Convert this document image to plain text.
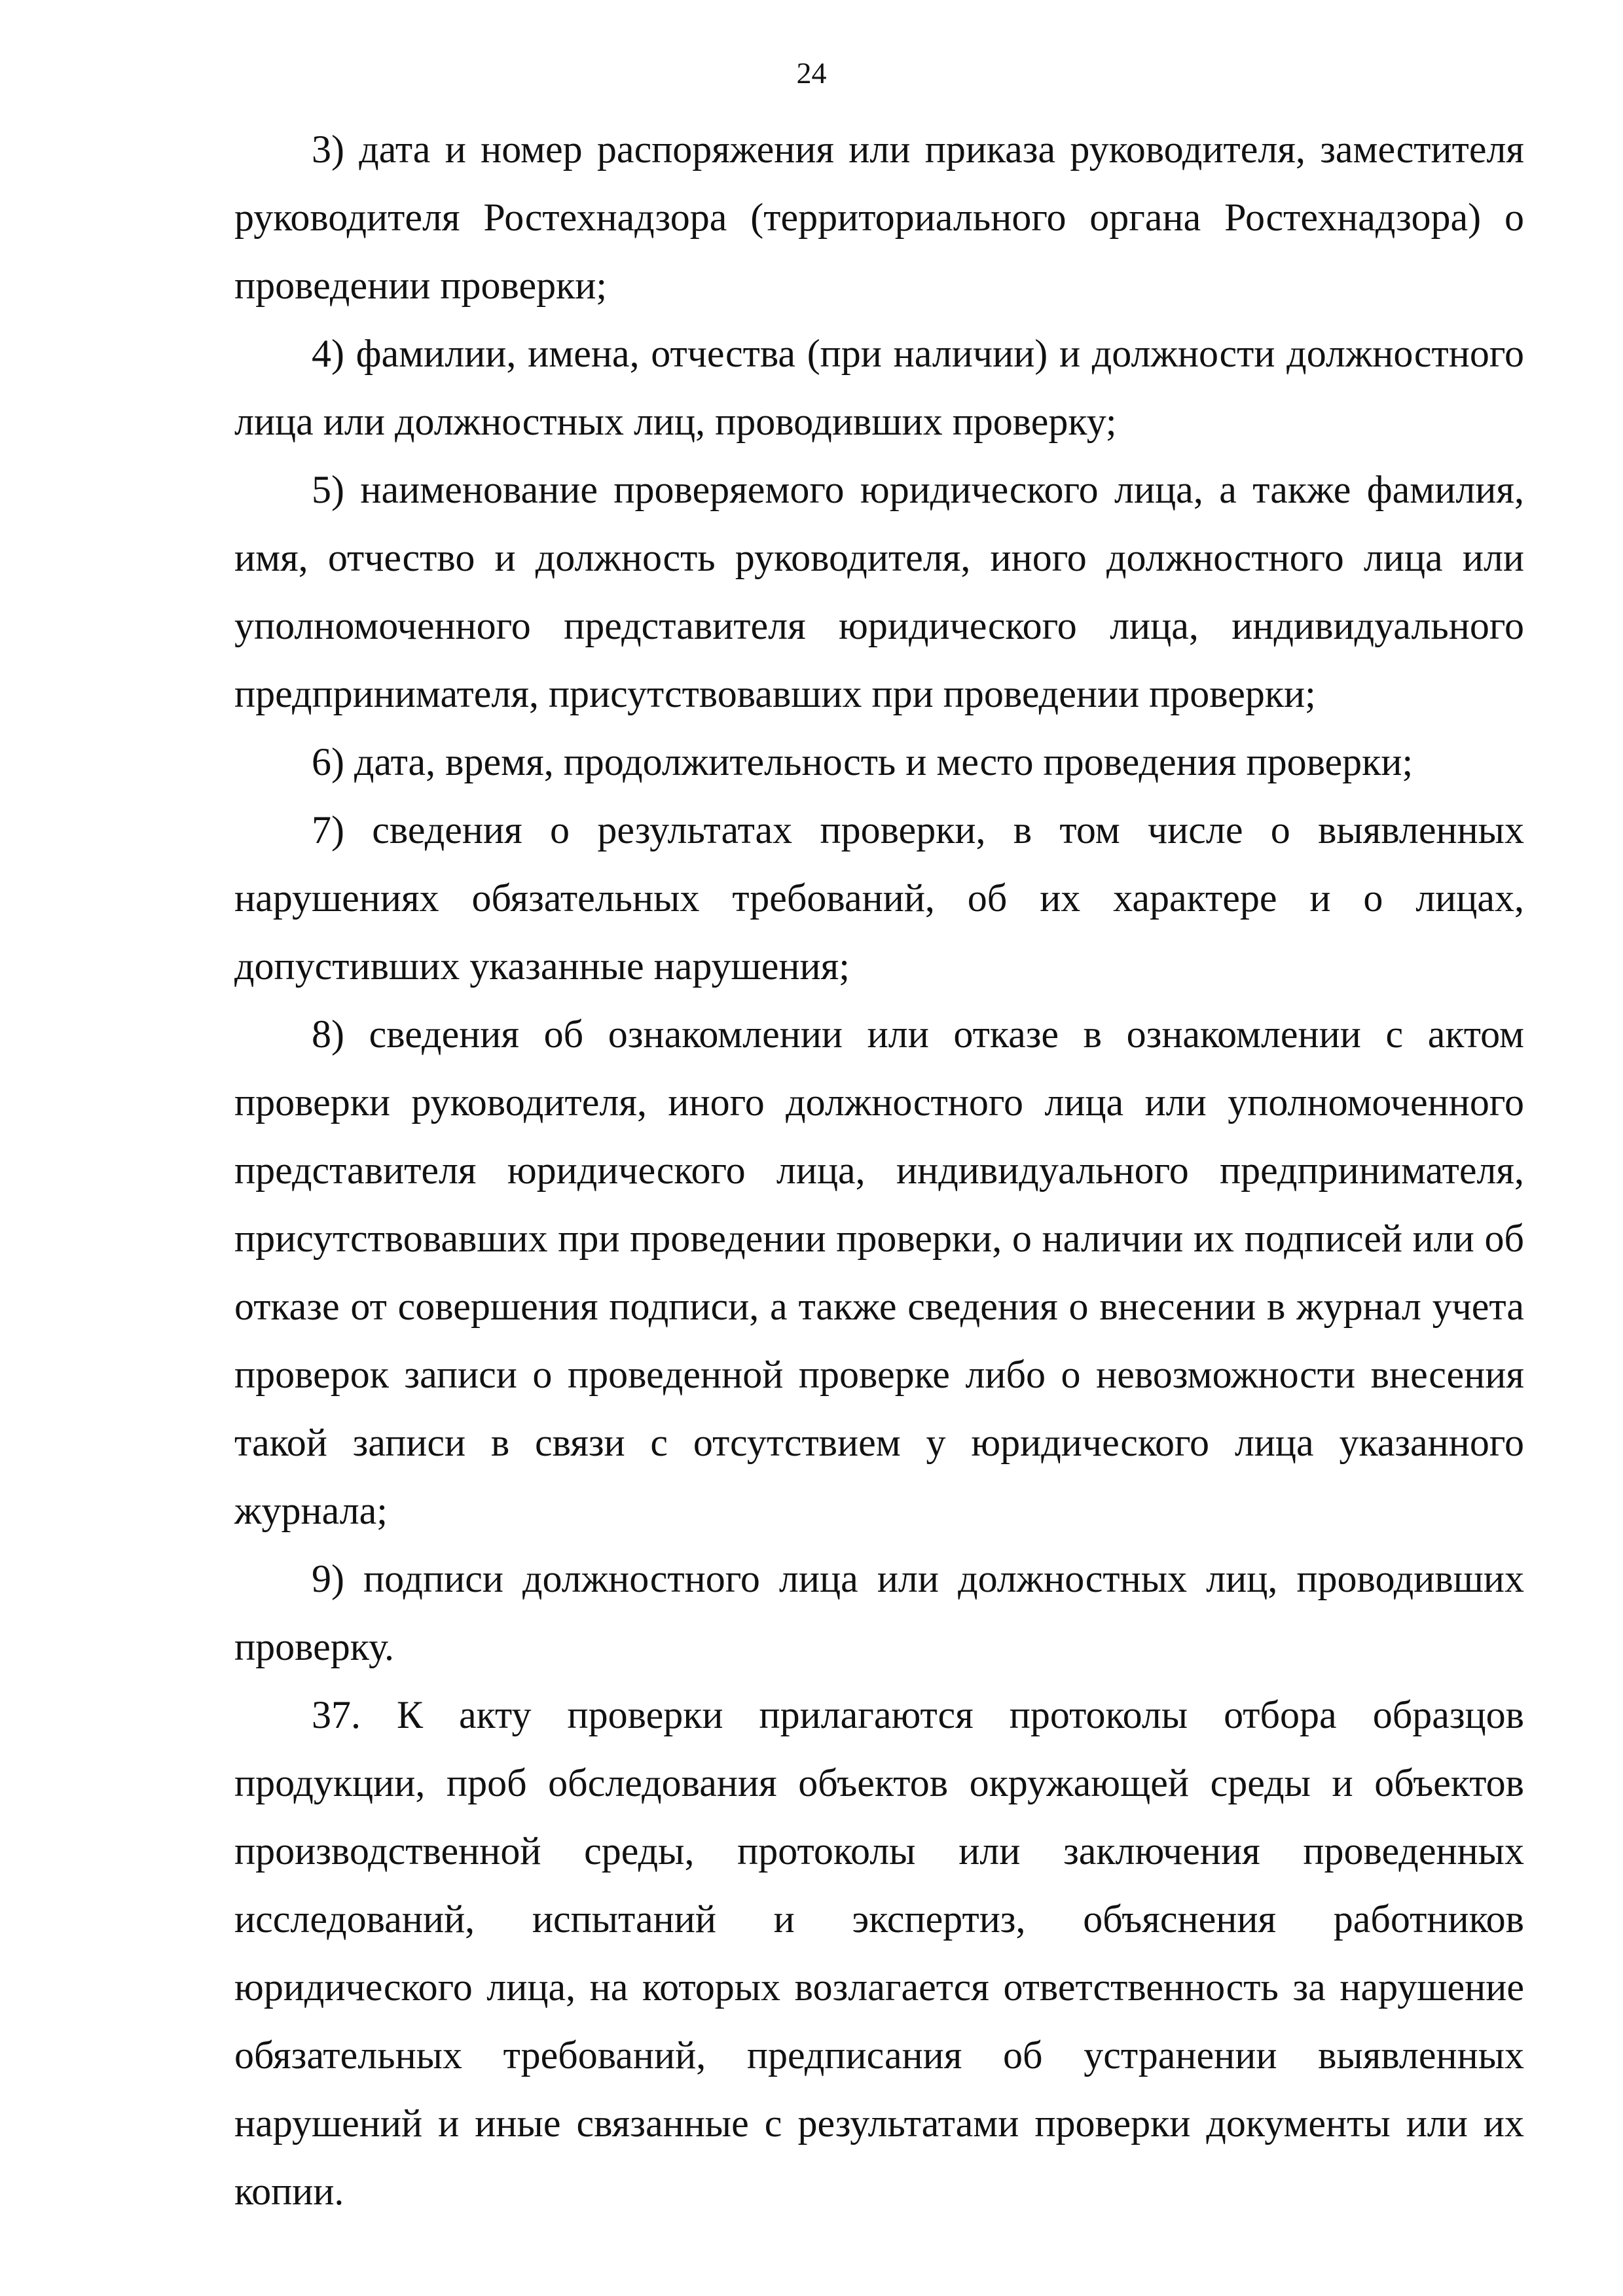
24

3) дата и номер распоряжения или приказа руководителя, заместителя руководителя Ростехнадзора (территориального органа Ростехнадзора) о проведении проверки;

4) фамилии, имена, отчества (при наличии) и должности должностного лица или должностных лиц, проводивших проверку;

5) наименование проверяемого юридического лица, а также фамилия, имя, отчество и должность руководителя, иного должностного лица или уполномоченного представителя юридического лица, индивидуального предпринимателя, присутствовавших при проведении проверки;

6) дата, время, продолжительность и место проведения проверки;

7) сведения о результатах проверки, в том числе о выявленных нарушениях обязательных требований, об их характере и о лицах, допустивших указанные нарушения;

8) сведения об ознакомлении или отказе в ознакомлении с актом проверки руководителя, иного должностного лица или уполномоченного представителя юридического лица, индивидуального предпринимателя, присутствовавших при проведении проверки, о наличии их подписей или об отказе от совершения подписи, а также сведения о внесении в журнал учета проверок записи о проведенной проверке либо о невозможности внесения такой записи в связи с отсутствием у юридического лица указанного журнала;

9) подписи должностного лица или должностных лиц, проводивших проверку.

37. К акту проверки прилагаются протоколы отбора образцов продукции, проб обследования объектов окружающей среды и объектов производственной среды, протоколы или заключения проведенных исследований, испытаний и экспертиз, объяснения работников юридического лица, на которых возлагается ответственность за нарушение обязательных требований, предписания об устранении выявленных нарушений и иные связанные с результатами проверки документы или их копии.
